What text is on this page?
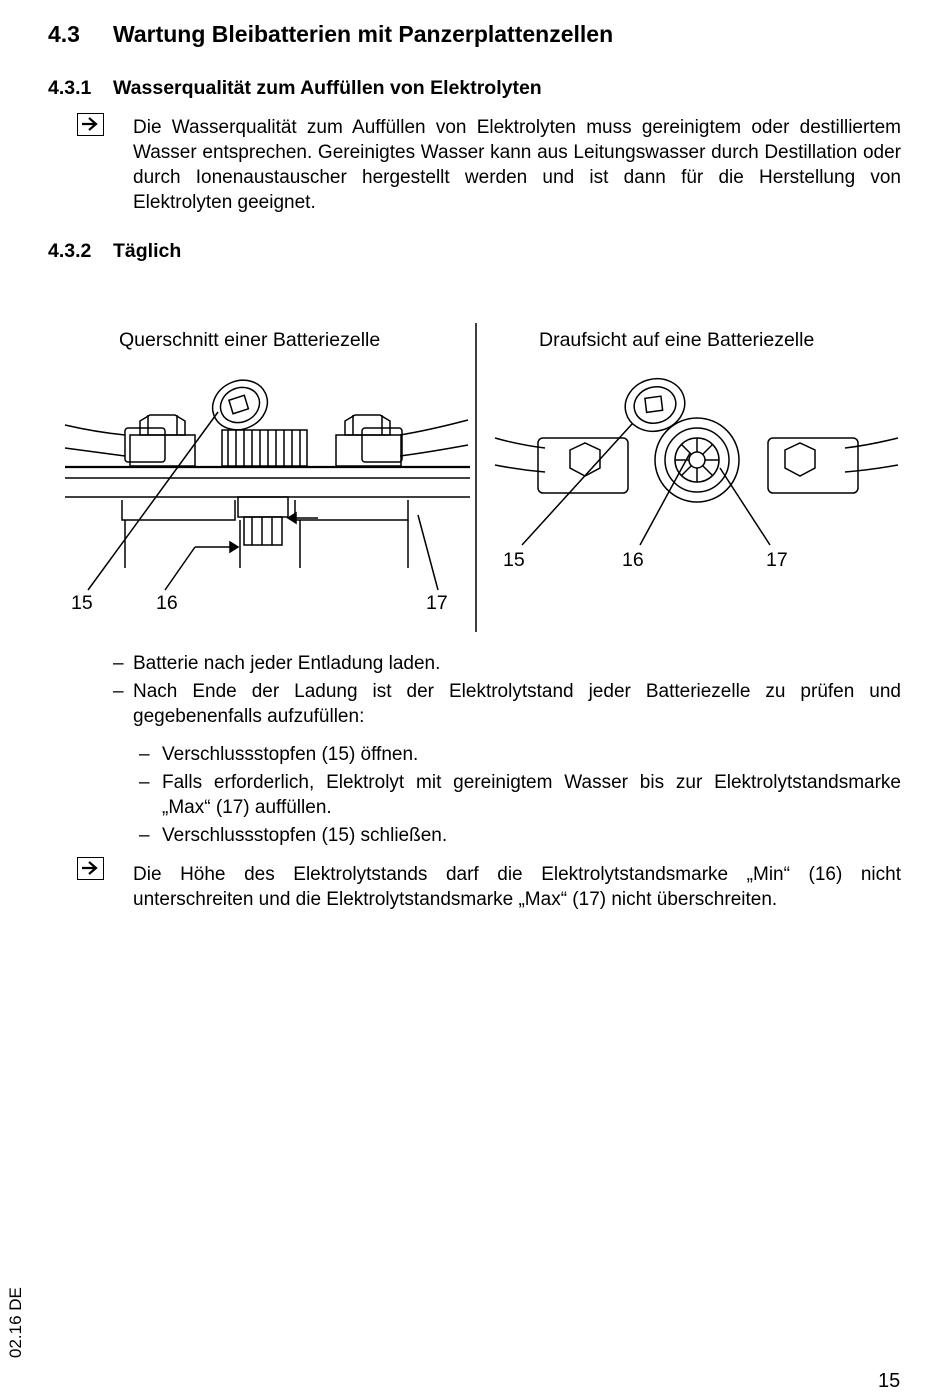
4.3 Wartung Bleibatterien mit Panzerplattenzellen
4.3.1 Wasserqualität zum Auffüllen von Elektrolyten
Die Wasserqualität zum Auffüllen von Elektrolyten muss gereinigtem oder destilliertem Wasser entsprechen. Gereinigtes Wasser kann aus Leitungswasser durch Destillation oder durch Ionenaustauscher hergestellt werden und ist dann für die Herstellung von Elektrolyten geeignet.
4.3.2 Täglich
Querschnitt einer Batteriezelle	Draufsicht auf eine Batteriezelle
15	16	17
15	16	17
– Batterie nach jeder Entladung laden.
– Nach Ende der Ladung ist der Elektrolytstand jeder Batteriezelle zu prüfen und gegebenenfalls aufzufüllen:
– Verschlussstopfen (15) öffnen.
– Falls erforderlich, Elektrolyt mit gereinigtem Wasser bis zur Elektrolytstandsmarke „Max“ (17) auffüllen.
– Verschlussstopfen (15) schließen.
Die Höhe des Elektrolytstands darf die Elektrolytstandsmarke „Min“ (16) nicht unterschreiten und die Elektrolytstandsmarke „Max“ (17) nicht überschreiten.
02.16 DE
15
